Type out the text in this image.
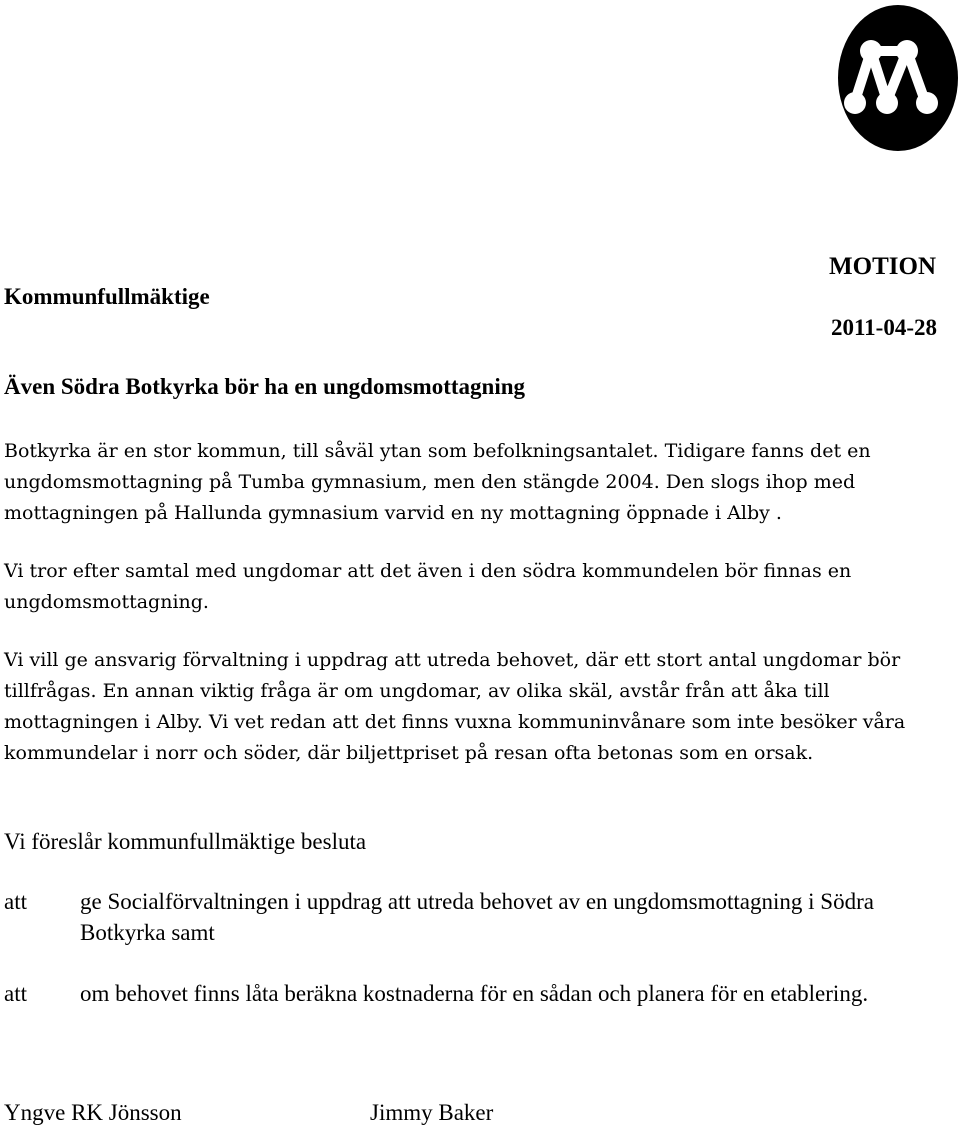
Kommunfullmäktige
MOTION
2011-04-28
Även Södra Botkyrka bör ha en ungdomsmottagning

Botkyrka är en stor kommun, till såväl ytan som befolkningsantalet. Tidigare fanns det en ungdomsmottagning på Tumba gymnasium, men den stängde 2004. Den slogs ihop med mottagningen på Hallunda gymnasium varvid en ny mottagning öppnade i Alby .

Vi tror efter samtal med ungdomar att det även i den södra kommundelen bör finnas en ungdomsmottagning.

Vi vill ge ansvarig förvaltning i uppdrag att utreda behovet, där ett stort antal ungdomar bör tillfrågas. En annan viktig fråga är om ungdomar, av olika skäl, avstår från att åka till mottagningen i Alby. Vi vet redan att det finns vuxna kommuninvånare som inte besöker våra kommundelar i norr och söder, där biljettpriset på resan ofta betonas som en orsak.

Vi föreslår kommunfullmäktige besluta

att ge Socialförvaltningen i uppdrag att utreda behovet av en ungdomsmottagning i Södra Botkyrka samt
att om behovet finns låta beräkna kostnaderna för en sådan och planera för en etablering.
Yngve RK Jönsson	Jimmy Baker
